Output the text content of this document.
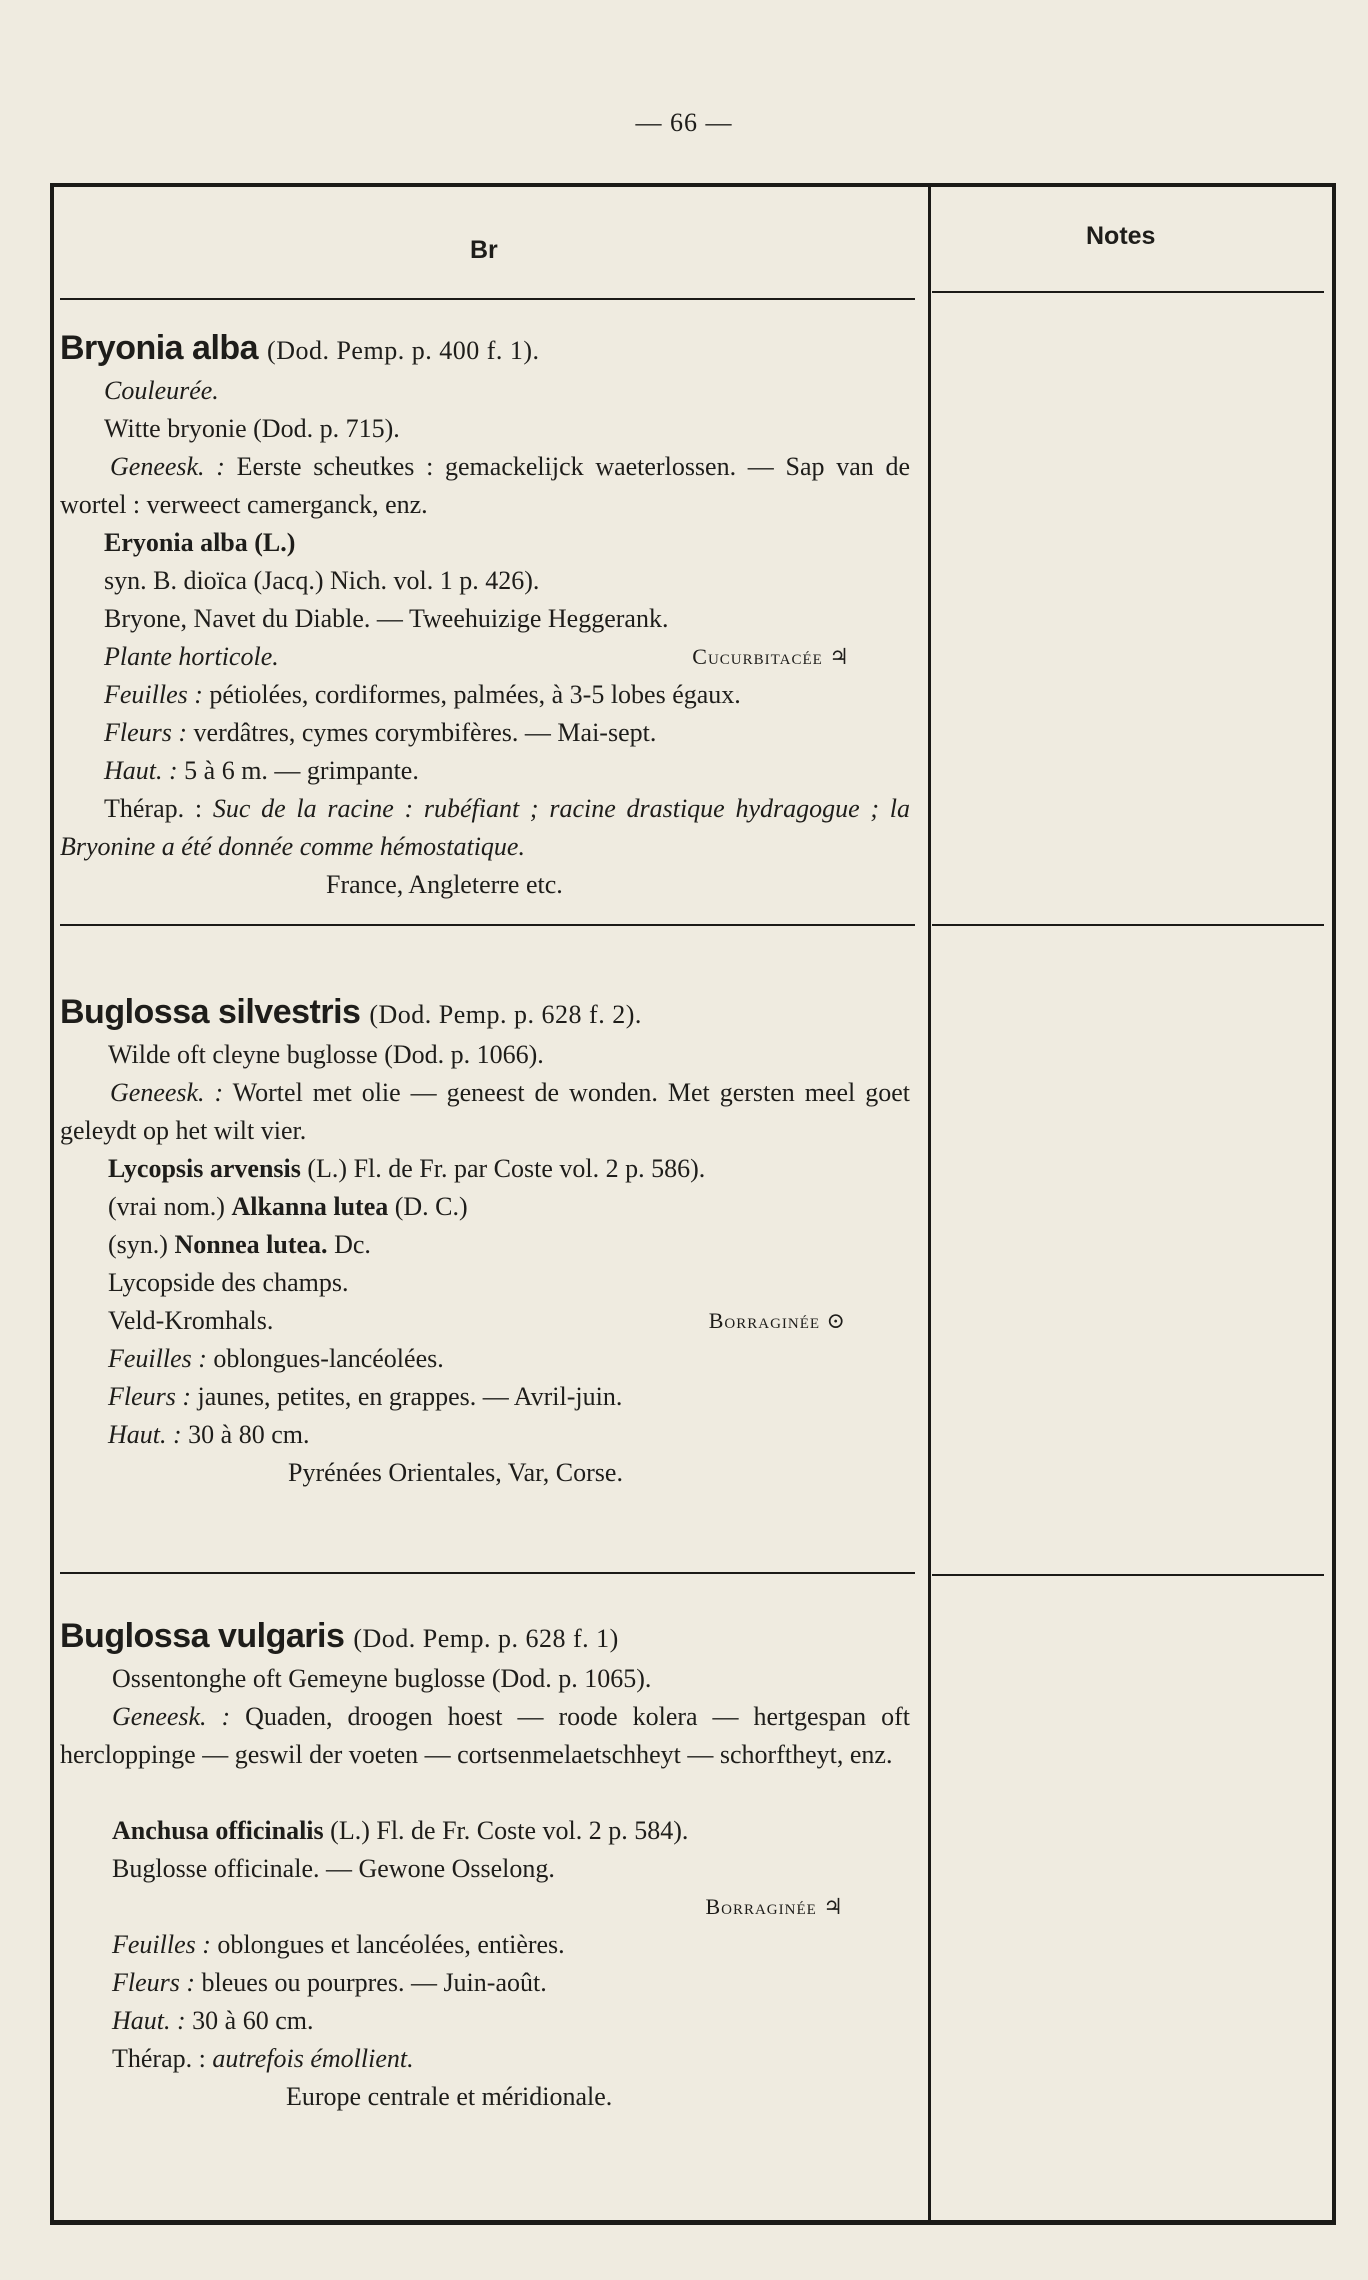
— 66 —
Br	Notes
Bryonia alba (Dod. Pemp. p. 400 f. 1).
Couleurée.
Witte bryonie (Dod. p. 715).
Geneesk. : Eerste scheutkes : gemackelijck waeterlossen. — Sap van de wortel : verweect camerganck, enz.
Eryonia alba (L.)
syn. B. dioïca (Jacq.) Nich. vol. 1 p. 426).
Bryone, Navet du Diable. — Tweehuizige Heggerank.
Plante horticole.	Cucurbitacée ♃
Feuilles : pétiolées, cordiformes, palmées, à 3-5 lobes égaux.
Fleurs : verdâtres, cymes corymbifères. — Mai-sept.
Haut. : 5 à 6 m. — grimpante.
Thérap. : Suc de la racine : rubéfiant ; racine drastique hydragogue ; la Bryonine a été donnée comme hémostatique.
France, Angleterre etc.
Buglossa silvestris (Dod. Pemp. p. 628 f. 2).
Wilde oft cleyne buglosse (Dod. p. 1066).
Geneesk. : Wortel met olie — geneest de wonden. Met gersten meel goet geleydt op het wilt vier.
Lycopsis arvensis (L.) Fl. de Fr. par Coste vol. 2 p. 586).
(vrai nom.) Alkanna lutea (D. C.)
(syn.) Nonnea lutea. Dc.
Lycopside des champs.
Veld-Kromhals.	Borraginée ⊙
Feuilles : oblongues-lancéolées.
Fleurs : jaunes, petites, en grappes. — Avril-juin.
Haut. : 30 à 80 cm.
Pyrénées Orientales, Var, Corse.
Buglossa vulgaris (Dod. Pemp. p. 628 f. 1)
Ossentonghe oft Gemeyne buglosse (Dod. p. 1065).
Geneesk. : Quaden, droogen hoest — roode kolera — hertgespan oft hercloppinge — geswil der voeten — cortsenmelaetschheyt — schorftheyt, enz.
Anchusa officinalis (L.) Fl. de Fr. Coste vol. 2 p. 584).
Buglosse officinale. — Gewone Osselong.
Borraginée ♃
Feuilles : oblongues et lancéolées, entières.
Fleurs : bleues ou pourpres. — Juin-août.
Haut. : 30 à 60 cm.
Thérap. : autrefois émollient.
Europe centrale et méridionale.
